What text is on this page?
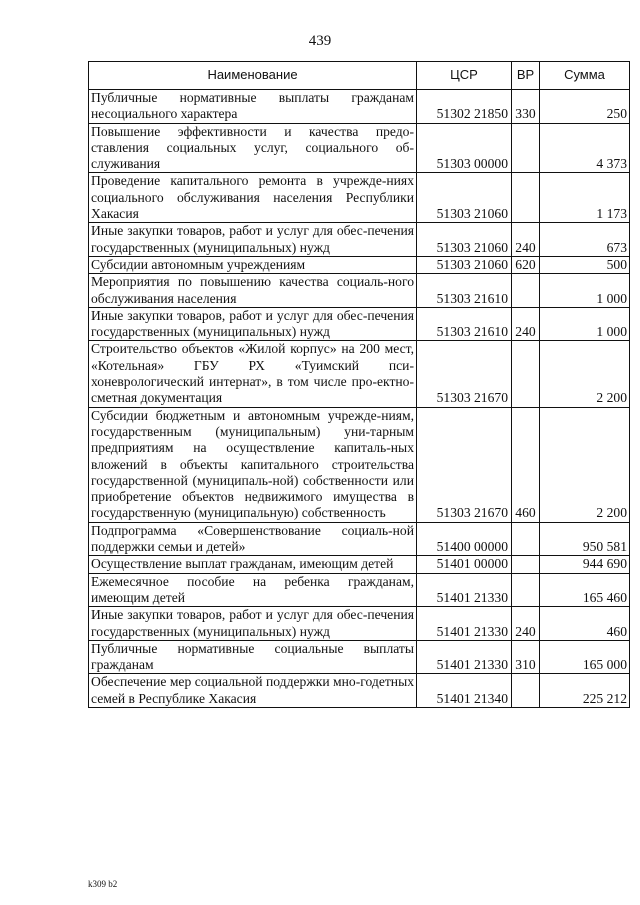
439
Наименование	ЦСР	ВР	Сумма
Публичные нормативные выплаты гражданам несоциального характера	51302 21850	330	250
Повышение эффективности и качества предо-ставления социальных услуг, социального об-служивания	51303 00000		4 373
Проведение капитального ремонта в учрежде-ниях социального обслуживания населения Республики Хакасия	51303 21060		1 173
Иные закупки товаров, работ и услуг для обес-печения государственных (муниципальных) нужд	51303 21060	240	673
Субсидии автономным учреждениям	51303 21060	620	500
Мероприятия по повышению качества социаль-ного обслуживания населения	51303 21610		1 000
Иные закупки товаров, работ и услуг для обес-печения государственных (муниципальных) нужд	51303 21610	240	1 000
Строительство объектов «Жилой корпус» на 200 мест, «Котельная» ГБУ РХ «Туимский пси-хоневрологический интернат», в том числе про-ектно-сметная документация	51303 21670		2 200
Субсидии бюджетным и автономным учрежде-ниям, государственным (муниципальным) уни-тарным предприятиям на осуществление капиталь-ных вложений в объекты капитального строительства государственной (муниципаль-ной) собственности или приобретение объектов недвижимого имущества в государственную (муниципальную) собственность	51303 21670	460	2 200
Подпрограмма «Совершенствование социаль-ной поддержки семьи и детей»	51400 00000		950 581
Осуществление выплат гражданам, имеющим детей	51401 00000		944 690
Ежемесячное пособие на ребенка гражданам, имеющим детей	51401 21330		165 460
Иные закупки товаров, работ и услуг для обес-печения государственных (муниципальных) нужд	51401 21330	240	460
Публичные нормативные социальные выплаты гражданам	51401 21330	310	165 000
Обеспечение мер социальной поддержки мно-годетных семей в Республике Хакасия	51401 21340		225 212
k309 b2
